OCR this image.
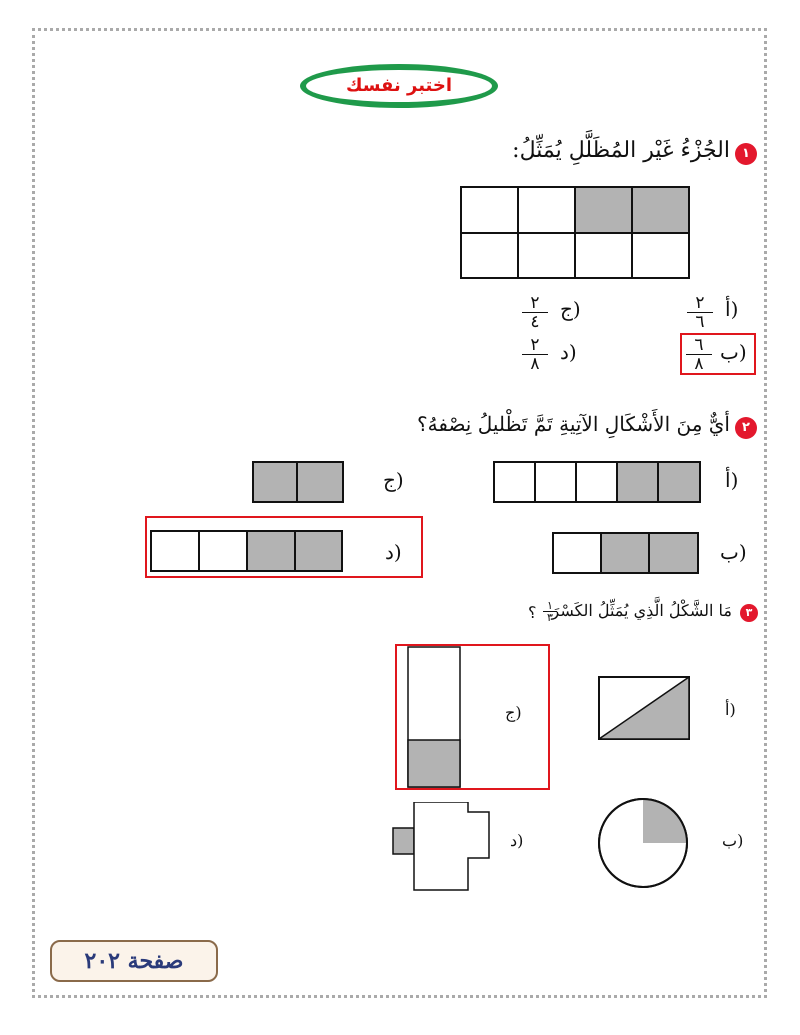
اختبر نفسك
١
الجُزْءُ غَيْر المُظَلَّلِ يُمَثِّلُ:
أ)
٢
٦
ب)
٦
٨
ج)
٢
٤
د)
٢
٨
٢
أيٌّ مِنَ الأَشْكَالِ الآتِيةِ تَمَّ تَظْليلُ نِصْفهُ؟
أ)
ج)
ب)
د)
٣
مَا الشَّكْلُ الَّذِي يُمَثِّلُ الكَسْرَ
١
٣
؟
أ)
ج)
ب)
د)
صفحة ٢٠٢
